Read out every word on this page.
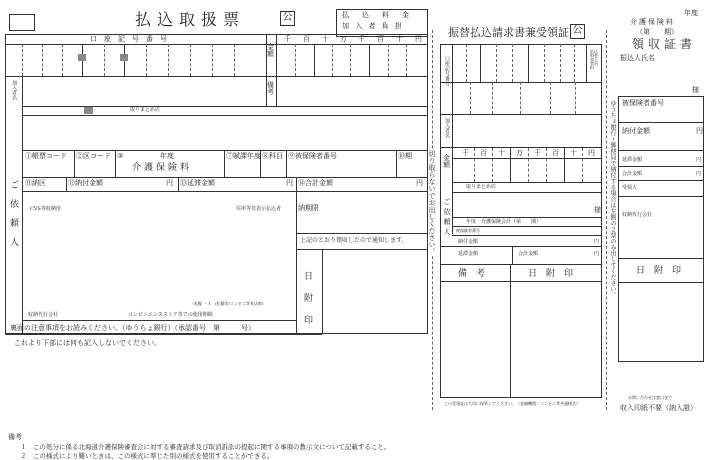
払込取扱票	公	払　込　料　金
加 入 者 負 担
口　座　記　号　番　号
金額
千 百 十 万 千 百 十 円
備考
加入者名
取りまとめ店
①帳票コード ②区コード ③	年度
介護保険料
⑦賦課年度 ⑧科目 ⑨被保険者番号	⑩期
⑪納区	⑫納付金額	円 ⑬延滞金額	円 ⑭合計金額	円
CVS等収納用	住所等非表示払込者 納期限
上記のとおり領収したので通知します。
日附印
ご依頼人
（札幌 ・ 1　(札幌市/コンビニ等来店時)
収納代行会社	コンビニエンスストア等での使用期間
裏面の注意事項をお読みください。（ゆうちょ銀行）（承認番号　第　　　号）
これより下部には何も記入しないでください。
切り取らないでお出しください。
振替払込請求書兼受領証 公
払込料金加入者負担
口座記号番号
加入者名
金額
千 百 十 万 千 百 十 円
取りまとめ店
様
ご依頼人	年度　介護保険会計（第　　期）
被保険者番号
納付金額	円
延滞金額	合計金額	円
備　考	日　附　印
この受領証は大切に保管してください。（金融機関／コンビニ等共通様式）
年度
介護保険料
（第　　期）
領収証書
振込人氏名
様
被保険者番号
納付金額	円
延滞金額	円
合計金額	円
受領人
収納代行会社
日　附　印
ゆうちょ銀行・郵便局で納付する場合は左側の２票のみ出してください。
お問い合わせは窓口まで
収入印紙不要（納入證）
備考
１　この処分に係る北海道介護保険審査会に対する審査請求及び取消訴訟の提起に関する事項の教示文について記載すること。
２　この様式により難いときは、この様式に準じた別の様式を使用することができる。
